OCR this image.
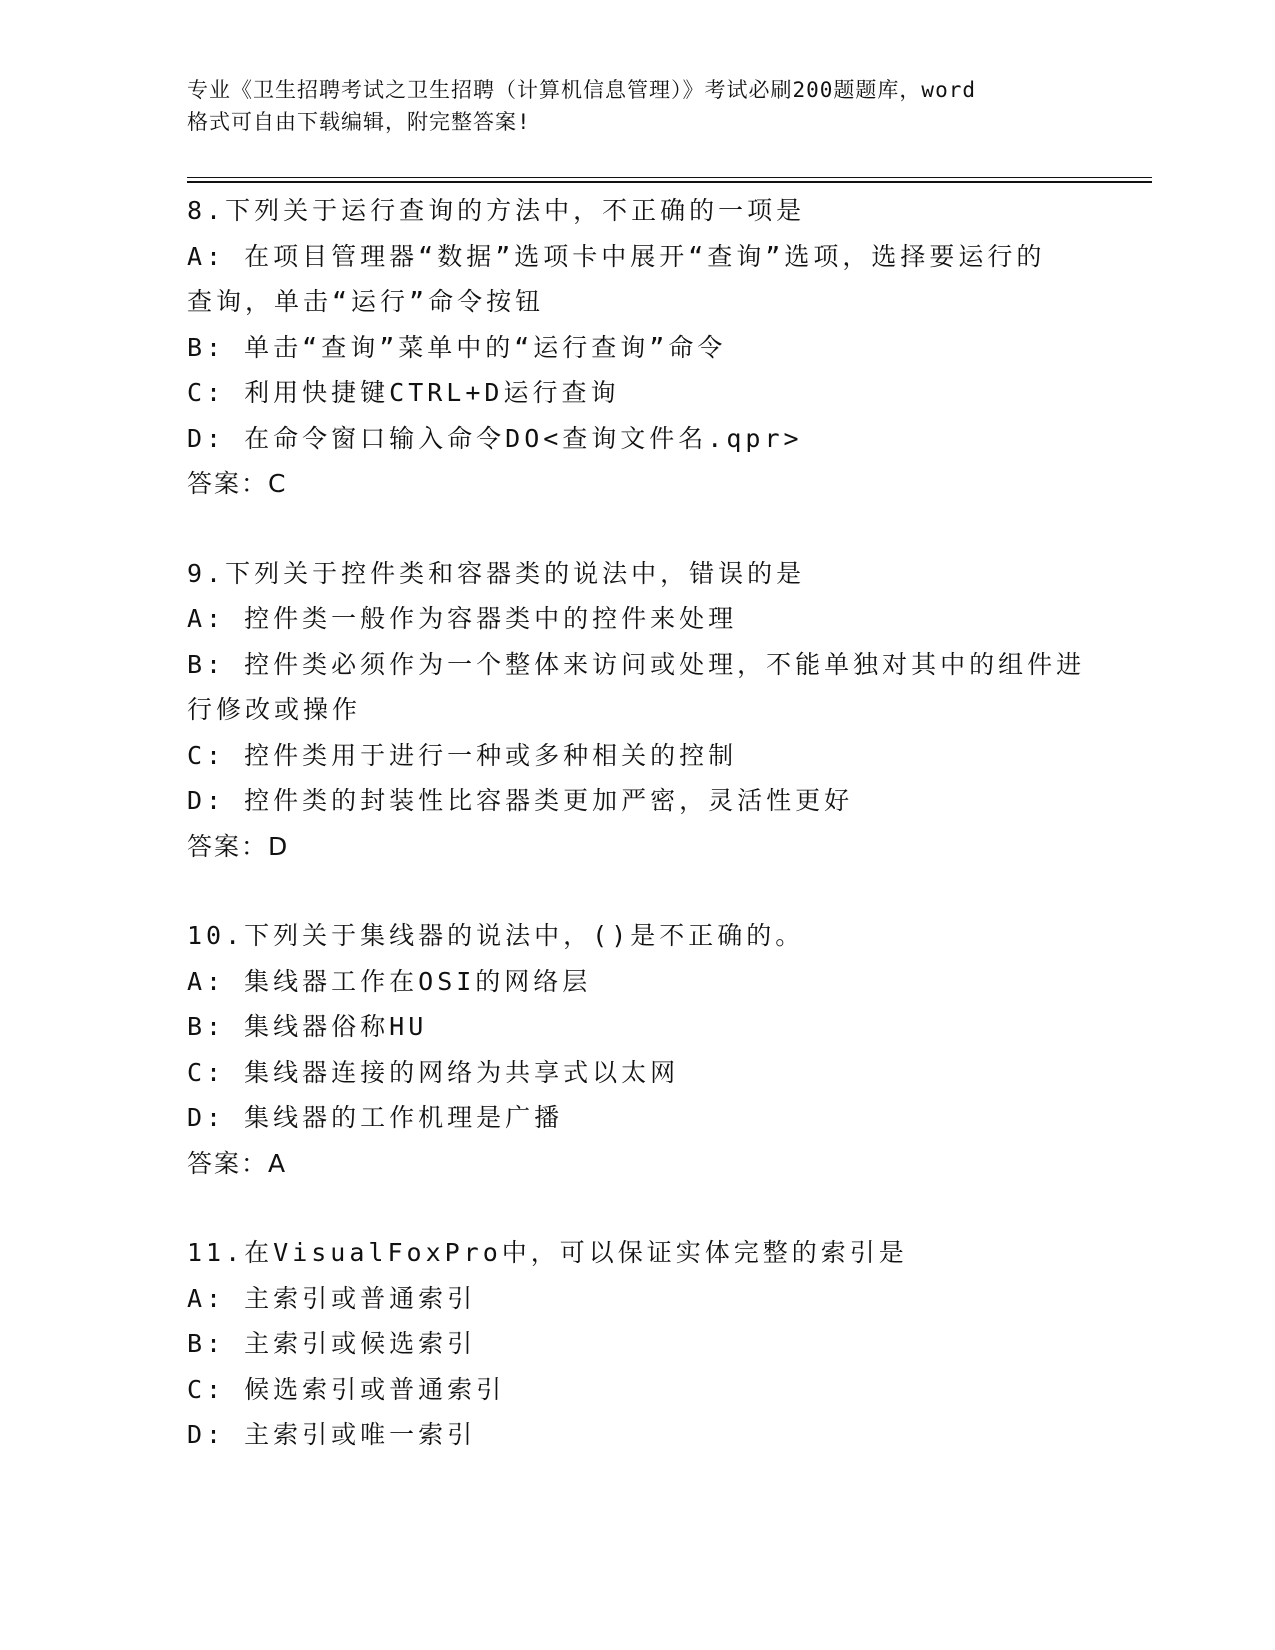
专业《卫生招聘考试之卫生招聘（计算机信息管理）》考试必刷200题题库，word
格式可自由下载编辑，附完整答案!
8.下列关于运行查询的方法中，不正确的一项是
A: 在项目管理器“数据”选项卡中展开“查询”选项，选择要运行的
查询，单击“运行”命令按钮
B: 单击“查询”菜单中的“运行查询”命令
C: 利用快捷键CTRL+D运行查询
D: 在命令窗口输入命令DO<查询文件名.qpr>
答案：C
9.下列关于控件类和容器类的说法中，错误的是
A: 控件类一般作为容器类中的控件来处理
B: 控件类必须作为一个整体来访问或处理，不能单独对其中的组件进
行修改或操作
C: 控件类用于进行一种或多种相关的控制
D: 控件类的封装性比容器类更加严密，灵活性更好
答案：D
10.下列关于集线器的说法中，()是不正确的。
A: 集线器工作在OSI的网络层
B: 集线器俗称HU
C: 集线器连接的网络为共享式以太网
D: 集线器的工作机理是广播
答案：A
11.在VisualFoxPro中，可以保证实体完整的索引是
A: 主索引或普通索引
B: 主索引或候选索引
C: 候选索引或普通索引
D: 主索引或唯一索引
